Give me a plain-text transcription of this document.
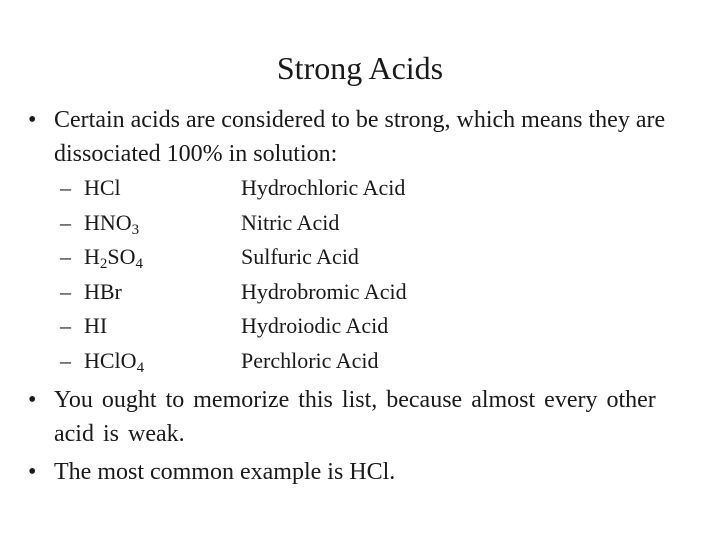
Strong Acids
• Certain acids are considered to be strong, which means they are dissociated 100% in solution:
– HCl	Hydrochloric Acid
– $HNO_3$	Nitric Acid
– $H_2SO_4$	Sulfuric Acid
– HBr	Hydrobromic Acid
– HI	Hydroiodic Acid
– HClO$_4$	Perchloric Acid
• You ought to memorize this list, because almost every other acid is weak.
• The most common example is HCl.
